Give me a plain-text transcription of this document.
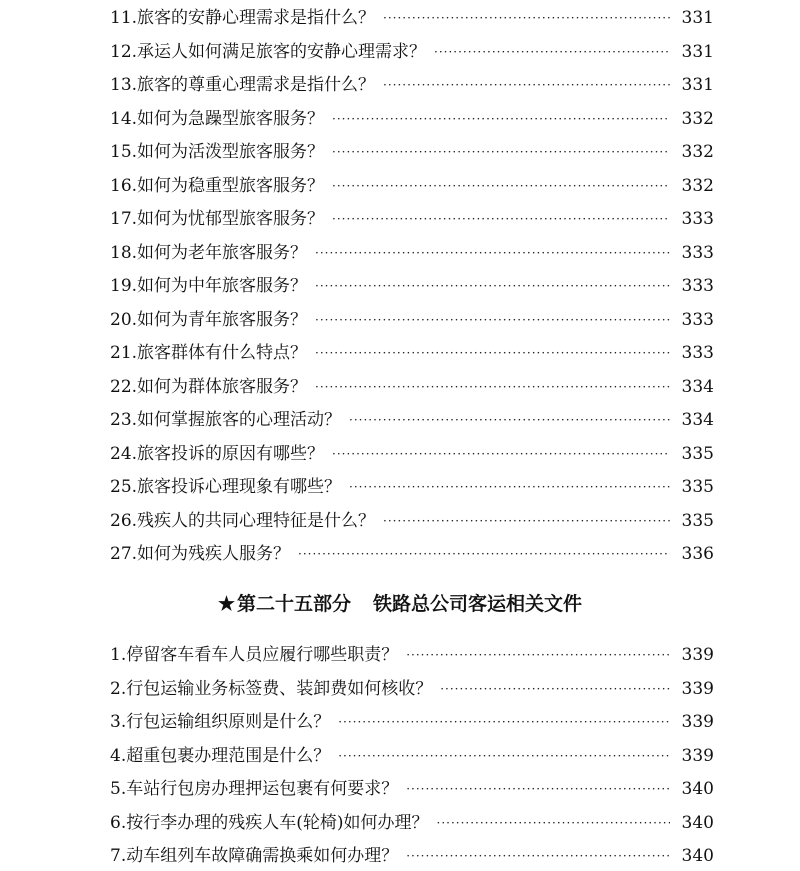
11. 旅客的安静心理需求是指什么？ ·····	331
12. 承运人如何满足旅客的安静心理需求？ ·····	331
13. 旅客的尊重心理需求是指什么？ ·····	331
14. 如何为急躁型旅客服务？ ·····	332
15. 如何为活泼型旅客服务？ ·····	332
16. 如何为稳重型旅客服务？ ·····	332
17. 如何为忧郁型旅客服务？ ·····	333
18. 如何为老年旅客服务？ ·····	333
19. 如何为中年旅客服务？ ·····	333
20. 如何为青年旅客服务？ ·····	333
21. 旅客群体有什么特点？ ·····	333
22. 如何为群体旅客服务？ ·····	334
23. 如何掌握旅客的心理活动？ ·····	334
24. 旅客投诉的原因有哪些？ ·····	335
25. 旅客投诉心理现象有哪些？ ·····	335
26. 残疾人的共同心理特征是什么？ ·····	335
27. 如何为残疾人服务？ ·····	336
★ 第二十五部分 铁路总公司客运相关文件
1. 停留客车看车人员应履行哪些职责？ ·····	339
2. 行包运输业务标签费、装卸费如何核收？ ·····	339
3. 行包运输组织原则是什么？ ·····	339
4. 超重包裹办理范围是什么？ ·····	339
5. 车站行包房办理押运包裹有何要求？ ·····	340
6. 按行李办理的残疾人车(轮椅)如何办理？ ·····	340
7. 动车组列车故障确需换乘如何办理？ ·····	340
